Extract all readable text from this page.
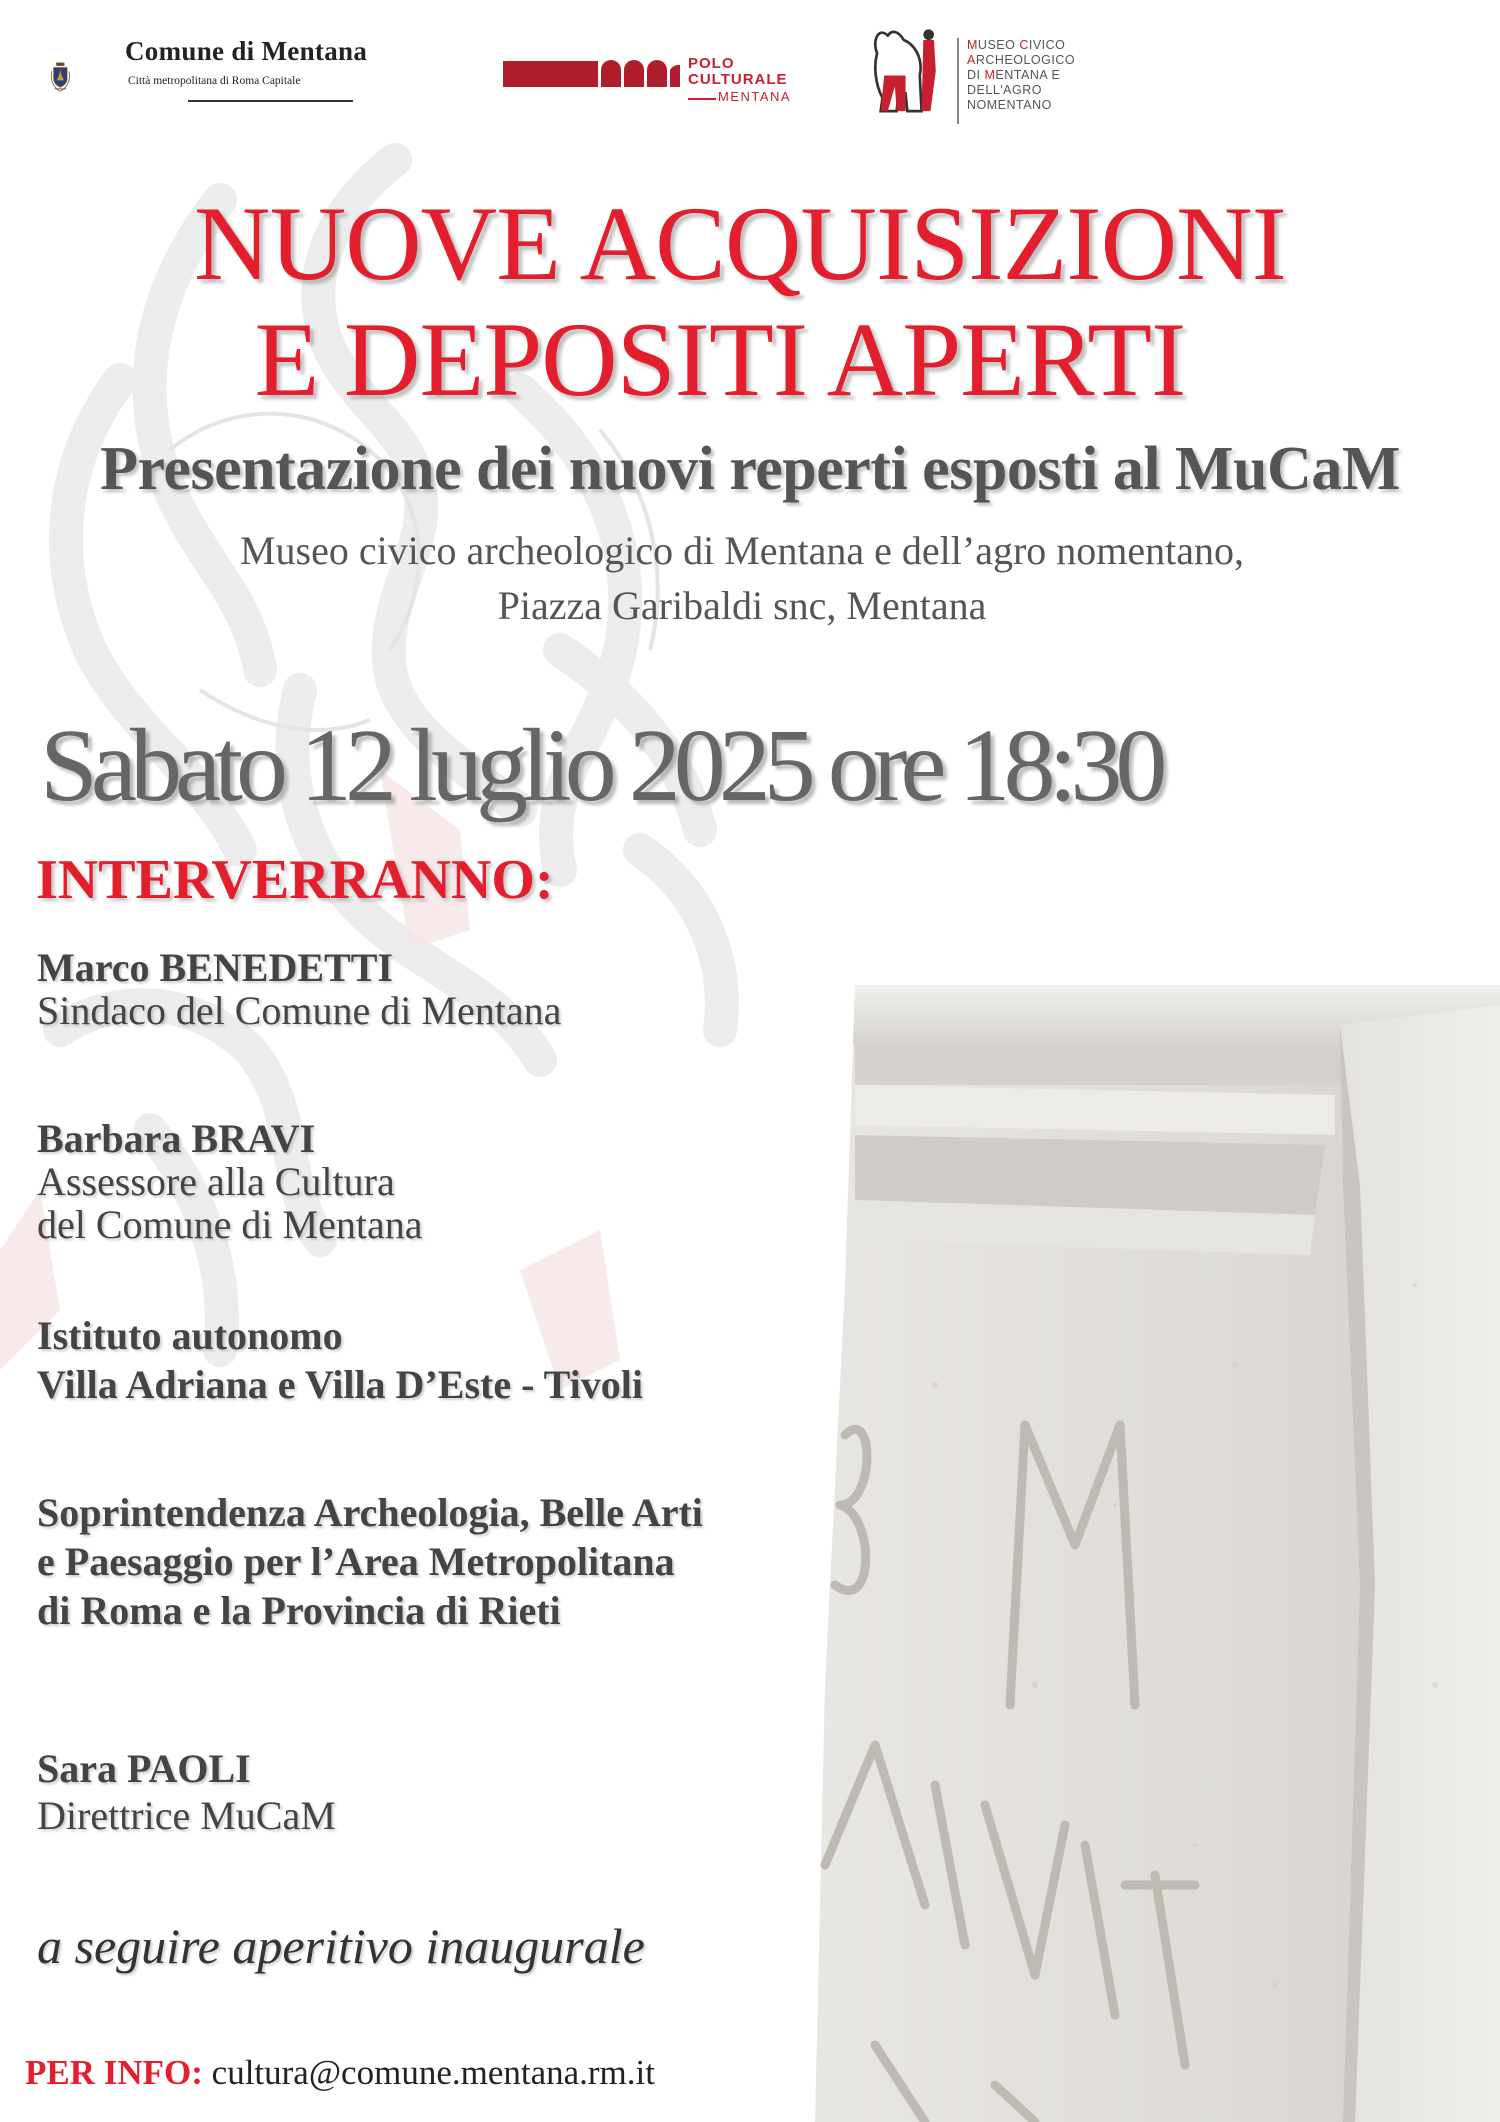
Comune di Mentana
Città metropolitana di Roma Capitale
POLO
CULTURALE
MENTANA
MUSEO CIVICO
ARCHEOLOGICO
DI MENTANA E
DELL'AGRO
NOMENTANO
NUOVE ACQUISIZIONI
E DEPOSITI APERTI
Presentazione dei nuovi reperti esposti al MuCaM
Museo civico archeologico di Mentana e dell’agro nomentano,
Piazza Garibaldi snc, Mentana
Sabato 12 luglio 2025 ore 18:30
INTERVERRANNO:
Marco BENEDETTI
Sindaco del Comune di Mentana
Barbara BRAVI
Assessore alla Cultura
del Comune di Mentana
Istituto autonomo
Villa Adriana e Villa D’Este - Tivoli
Soprintendenza Archeologia, Belle Arti
e Paesaggio per l’Area Metropolitana
di Roma e la Provincia di Rieti
Sara PAOLI
Direttrice MuCaM
a seguire aperitivo inaugurale
PER INFO: cultura@comune.mentana.rm.it
